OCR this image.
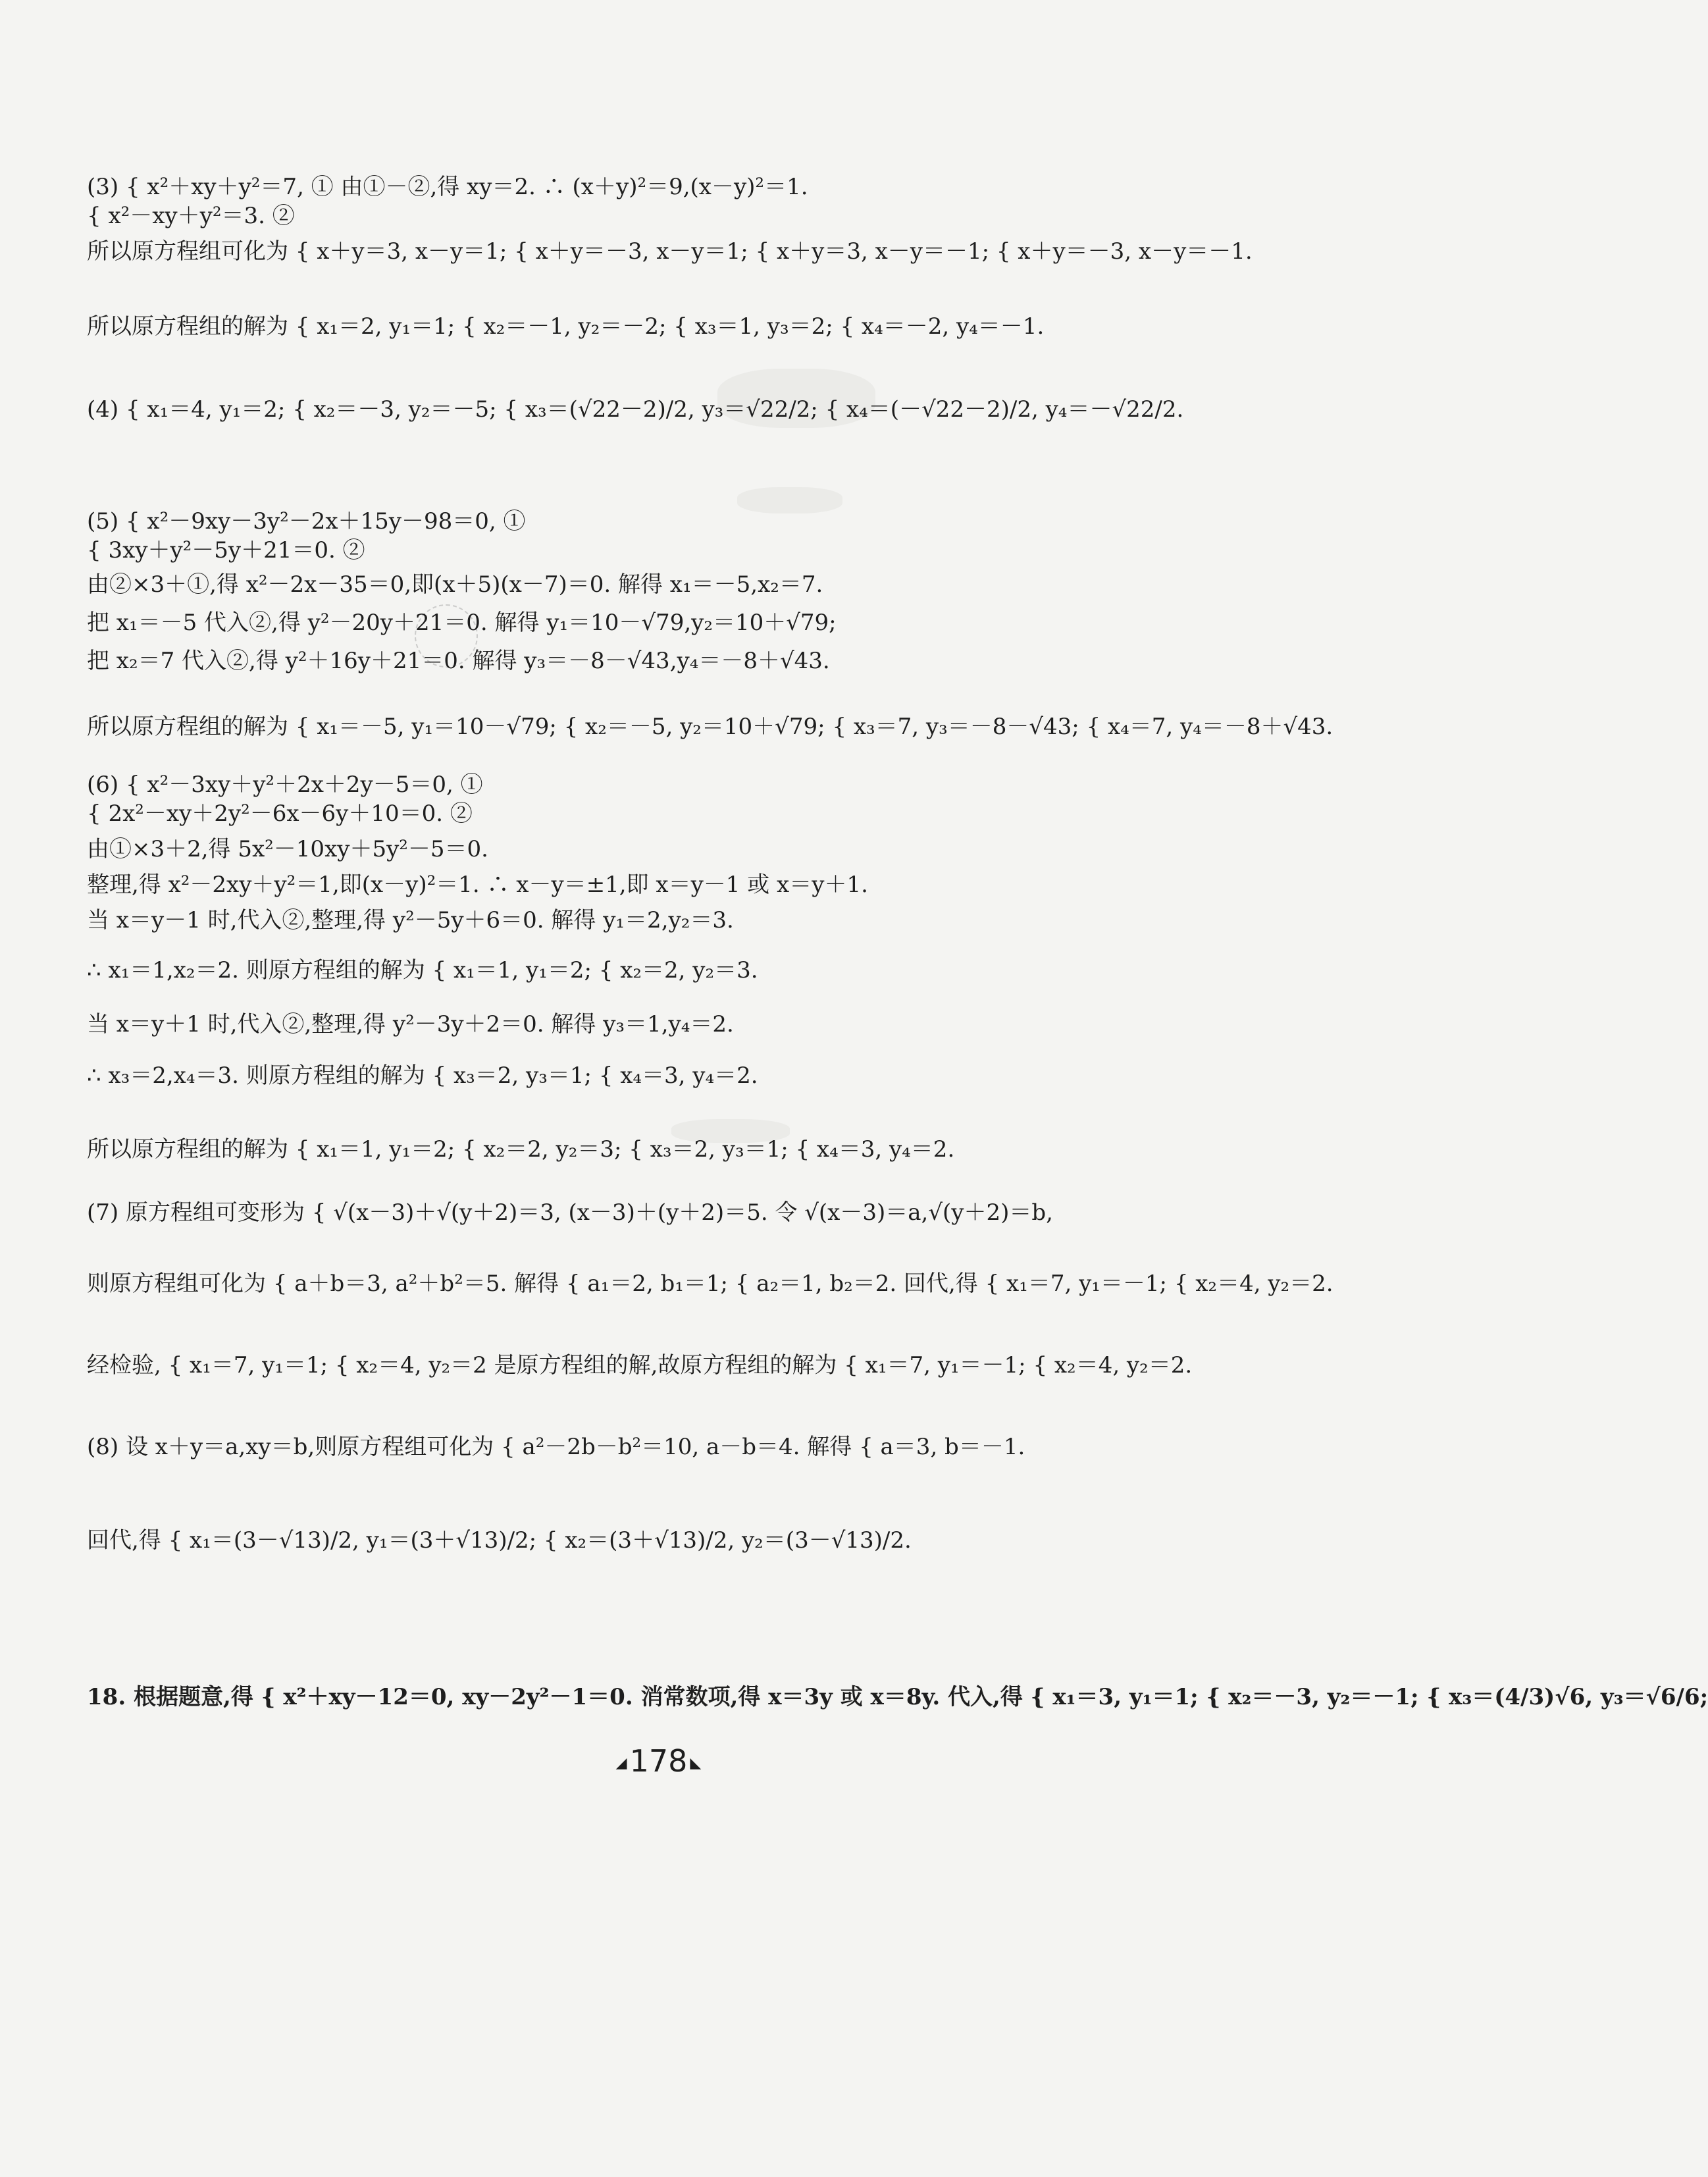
(3) { x²＋xy＋y²＝7, ① 由①－②,得 xy＝2. ∴ (x＋y)²＝9,(x－y)²＝1.
{ x²－xy＋y²＝3. ②
所以原方程组可化为 { x＋y＝3, x－y＝1; { x＋y＝－3, x－y＝1; { x＋y＝3, x－y＝－1; { x＋y＝－3, x－y＝－1.
所以原方程组的解为 { x₁＝2, y₁＝1; { x₂＝－1, y₂＝－2; { x₃＝1, y₃＝2; { x₄＝－2, y₄＝－1.
(4) { x₁＝4, y₁＝2; { x₂＝－3, y₂＝－5; { x₃＝(√22－2)/2, y₃＝√22/2; { x₄＝(－√22－2)/2, y₄＝－√22/2.
(5) { x²－9xy－3y²－2x＋15y－98＝0, ①
{ 3xy＋y²－5y＋21＝0. ②
由②×3＋①,得 x²－2x－35＝0,即(x＋5)(x－7)＝0. 解得 x₁＝－5,x₂＝7.
把 x₁＝－5 代入②,得 y²－20y＋21＝0. 解得 y₁＝10－√79,y₂＝10＋√79;
把 x₂＝7 代入②,得 y²＋16y＋21＝0. 解得 y₃＝－8－√43,y₄＝－8＋√43.
所以原方程组的解为 { x₁＝－5, y₁＝10－√79; { x₂＝－5, y₂＝10＋√79; { x₃＝7, y₃＝－8－√43; { x₄＝7, y₄＝－8＋√43.
(6) { x²－3xy＋y²＋2x＋2y－5＝0, ①
{ 2x²－xy＋2y²－6x－6y＋10＝0. ②
由①×3＋2,得 5x²－10xy＋5y²－5＝0.
整理,得 x²－2xy＋y²＝1,即(x－y)²＝1. ∴ x－y＝±1,即 x＝y－1 或 x＝y＋1.
当 x＝y－1 时,代入②,整理,得 y²－5y＋6＝0. 解得 y₁＝2,y₂＝3.
∴ x₁＝1,x₂＝2. 则原方程组的解为 { x₁＝1, y₁＝2; { x₂＝2, y₂＝3.
当 x＝y＋1 时,代入②,整理,得 y²－3y＋2＝0. 解得 y₃＝1,y₄＝2.
∴ x₃＝2,x₄＝3. 则原方程组的解为 { x₃＝2, y₃＝1; { x₄＝3, y₄＝2.
所以原方程组的解为 { x₁＝1, y₁＝2; { x₂＝2, y₂＝3; { x₃＝2, y₃＝1; { x₄＝3, y₄＝2.
(7) 原方程组可变形为 { √(x－3)＋√(y＋2)＝3, (x－3)＋(y＋2)＝5. 令 √(x－3)＝a,√(y＋2)＝b,
则原方程组可化为 { a＋b＝3, a²＋b²＝5. 解得 { a₁＝2, b₁＝1; { a₂＝1, b₂＝2. 回代,得 { x₁＝7, y₁＝－1; { x₂＝4, y₂＝2.
经检验, { x₁＝7, y₁＝1; { x₂＝4, y₂＝2 是原方程组的解,故原方程组的解为 { x₁＝7, y₁＝－1; { x₂＝4, y₂＝2.
(8) 设 x＋y＝a,xy＝b,则原方程组可化为 { a²－2b－b²＝10, a－b＝4. 解得 { a＝3, b＝－1.
回代,得 { x₁＝(3－√13)/2, y₁＝(3＋√13)/2; { x₂＝(3＋√13)/2, y₂＝(3－√13)/2.
18. 根据题意,得 { x²＋xy－12＝0, xy－2y²－1＝0. 消常数项,得 x＝3y 或 x＝8y. 代入,得 { x₁＝3, y₁＝1; { x₂＝－3, y₂＝－1; { x₃＝(4/3)√6, y₃＝√6/6;
◢178 ◣
